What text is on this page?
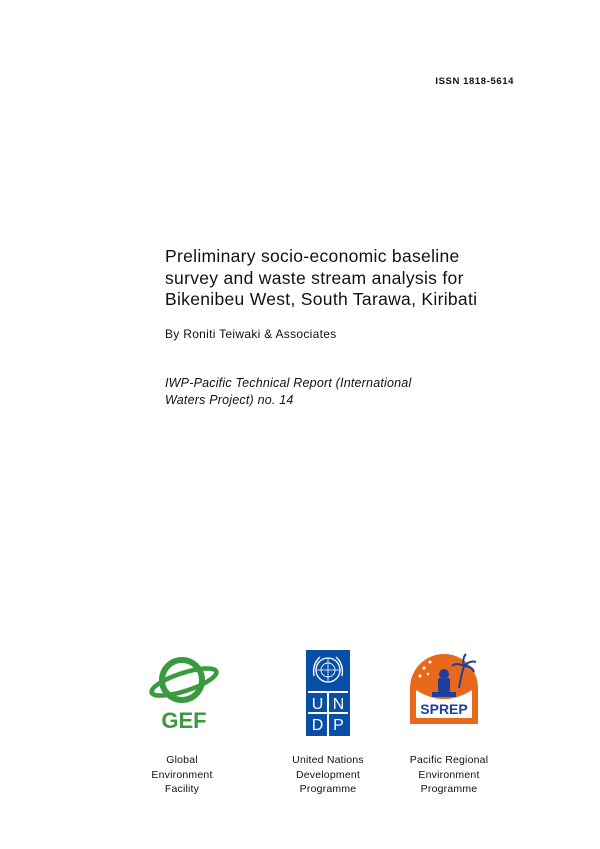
ISSN 1818-5614
Preliminary socio-economic baseline
survey and waste stream analysis for
Bikenibeu West, South Tarawa, Kiribati
By Roniti Teiwaki & Associates
IWP-Pacific Technical Report (International
Waters Project) no. 14
GEF
U N
D P
SPREP
Global
Environment
Facility
United Nations
Development
Programme
Pacific Regional
Environment
Programme
